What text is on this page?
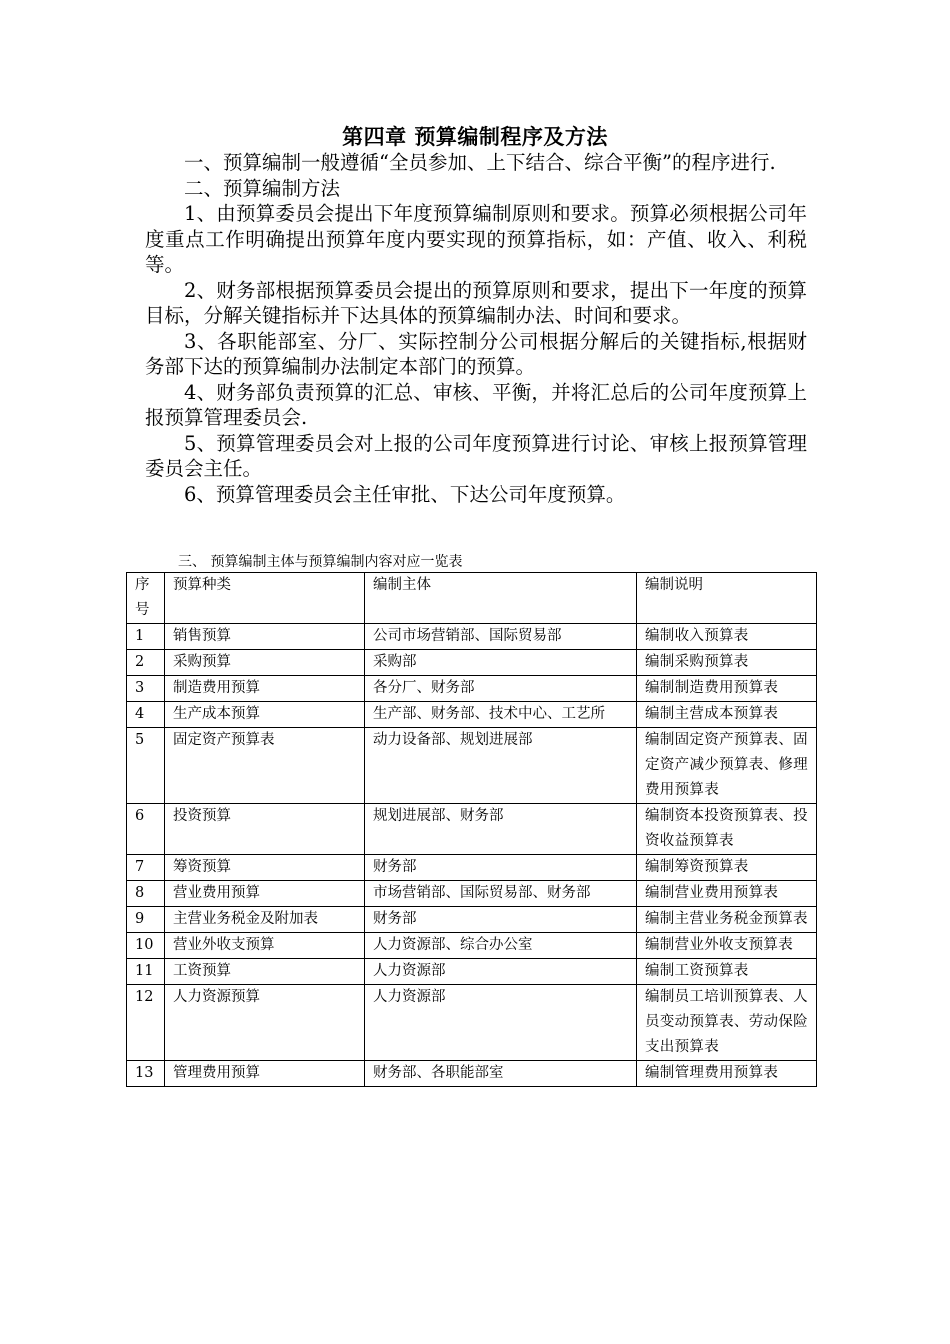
第四章 预算编制程序及方法

一、预算编制一般遵循“全员参加、上下结合、综合平衡”的程序进行.

二、预算编制方法

1、由预算委员会提出下年度预算编制原则和要求。预算必须根据公司年度重点工作明确提出预算年度内要实现的预算指标，如：产值、收入、利税等。

2、财务部根据预算委员会提出的预算原则和要求，提出下一年度的预算目标，分解关键指标并下达具体的预算编制办法、时间和要求。

3、各职能部室、分厂、实际控制分公司根据分解后的关键指标,根据财务部下达的预算编制办法制定本部门的预算。

4、财务部负责预算的汇总、审核、平衡，并将汇总后的公司年度预算上报预算管理委员会.

5、预算管理委员会对上报的公司年度预算进行讨论、审核上报预算管理委员会主任。

6、预算管理委员会主任审批、下达公司年度预算。

三、 预算编制主体与预算编制内容对应一览表
序号	预算种类	编制主体	编制说明
1	销售预算	公司市场营销部、国际贸易部	编制收入预算表
2	采购预算	采购部	编制采购预算表
3	制造费用预算	各分厂、财务部	编制制造费用预算表
4	生产成本预算	生产部、财务部、技术中心、工艺所	编制主营成本预算表
5	固定资产预算表	动力设备部、规划进展部	编制固定资产预算表、固定资产减少预算表、修理费用预算表
6	投资预算	规划进展部、财务部	编制资本投资预算表、投资收益预算表
7	筹资预算	财务部	编制筹资预算表
8	营业费用预算	市场营销部、国际贸易部、财务部	编制营业费用预算表
9	主营业务税金及附加表	财务部	编制主营业务税金预算表
10	营业外收支预算	人力资源部、综合办公室	编制营业外收支预算表
11	工资预算	人力资源部	编制工资预算表
12	人力资源预算	人力资源部	编制员工培训预算表、人员变动预算表、劳动保险支出预算表
13	管理费用预算	财务部、各职能部室	编制管理费用预算表
